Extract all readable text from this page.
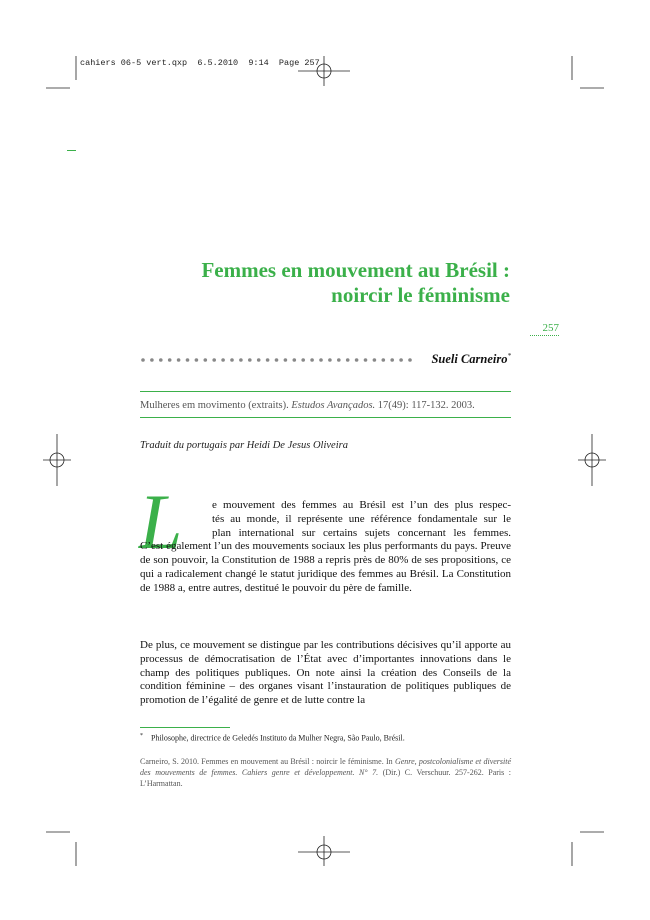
cahiers 06-5 vert.qxp  6.5.2010  9:14  Page 257
Femmes en mouvement au Brésil :
noircir le féminisme
257
Sueli Carneiro*
Mulheres em movimento (extraits). Estudos Avançados. 17(49): 117-132. 2003.
Traduit du portugais par Heidi De Jesus Oliveira
L	e mouvement des femmes au Brésil est l’un des plus respec-
tés au monde, il représente une référence fondamentale sur le
plan international sur certains sujets concernant les femmes.
C’est également l’un des mouvements sociaux les plus performants du pays. Preuve de son pouvoir, la Constitution de 1988 a repris près de 80% de ses propositions, ce qui a radicalement changé le statut juridique des femmes au Brésil. La Constitution de 1988 a, entre autres, destitué le pouvoir du père de famille.
De plus, ce mouvement se distingue par les contributions décisives qu’il apporte au processus de démocratisation de l’État avec d’importantes innovations dans le champ des politiques publiques. On note ainsi la création des Conseils de la condition féminine – des organes visant l’instauration de politiques publiques de promotion de l’égalité de genre et de lutte contre la
* Philosophe, directrice de Geledés Instituto da Mulher Negra, São Paulo, Brésil.
Carneiro, S. 2010. Femmes en mouvement au Brésil : noircir le féminisme. In Genre, postcolonialisme et diversité des mouvements de femmes. Cahiers genre et développement. N° 7. (Dir.) C. Verschuur. 257-262. Paris : L’Harmattan.
